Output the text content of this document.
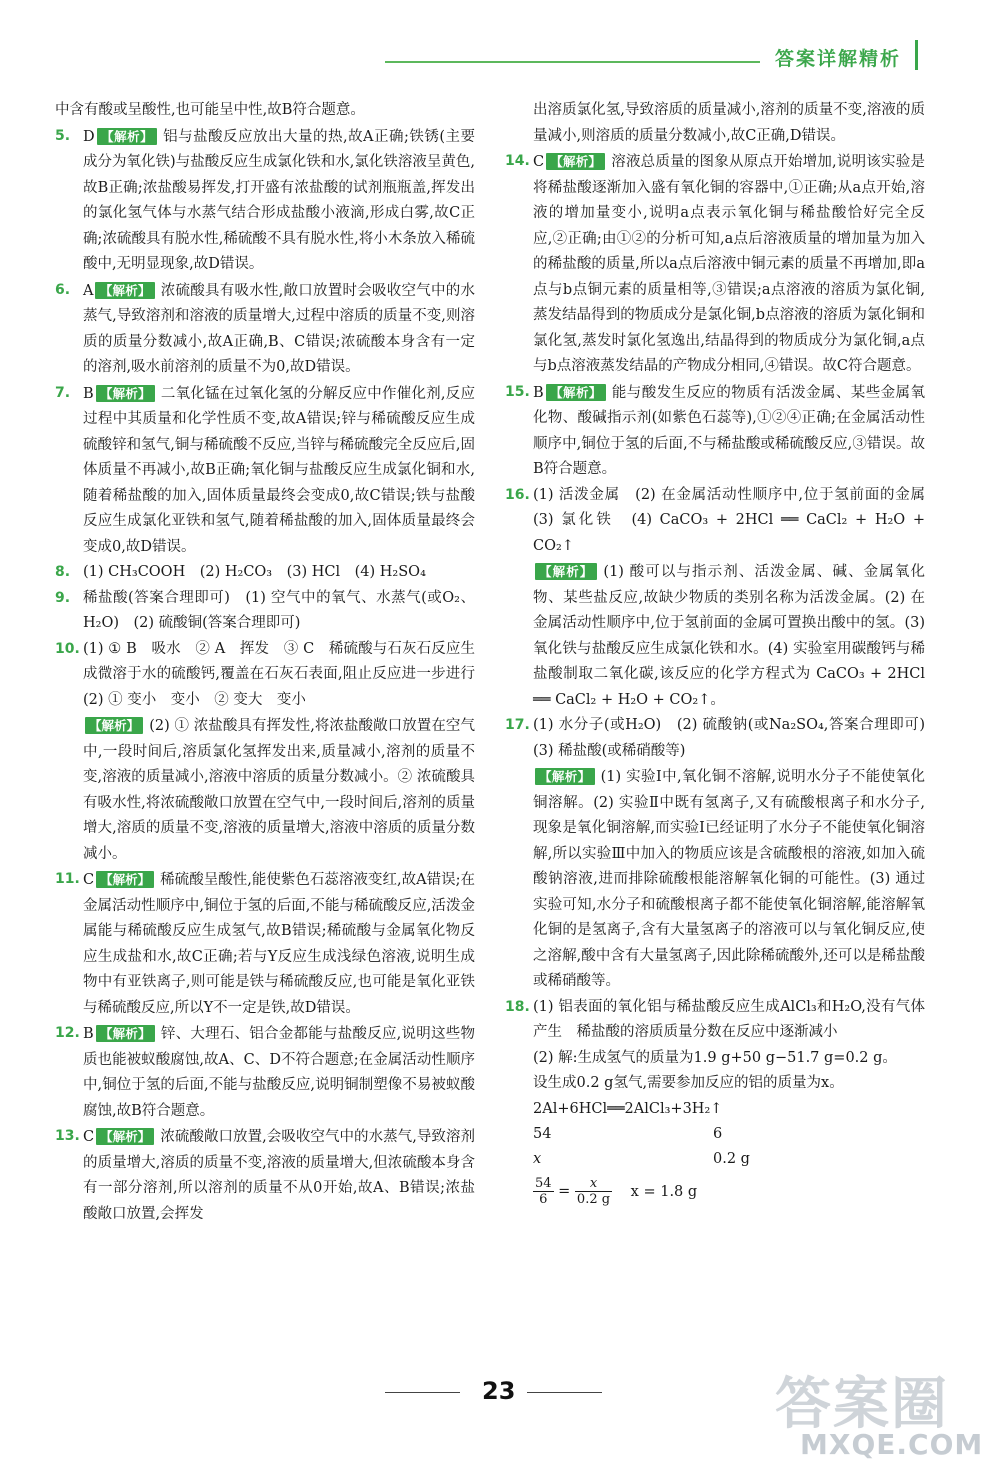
答案详解精析
中含有酸或呈酸性,也可能呈中性,故B符合题意。
5. D 【解析】 铝与盐酸反应放出大量的热,故A正确;铁锈(主要成分为氧化铁)与盐酸反应生成氯化铁和水,氯化铁溶液呈黄色,故B正确;浓盐酸易挥发,打开盛有浓盐酸的试剂瓶瓶盖,挥发出的氯化氢气体与水蒸气结合形成盐酸小液滴,形成白雾,故C正确;浓硫酸具有脱水性,稀硫酸不具有脱水性,将小木条放入稀硫酸中,无明显现象,故D错误。
6. A 【解析】 浓硫酸具有吸水性,敞口放置时会吸收空气中的水蒸气,导致溶剂和溶液的质量增大,过程中溶质的质量不变,则溶质的质量分数减小,故A正确,B、C错误;浓硫酸本身含有一定的溶剂,吸水前溶剂的质量不为0,故D错误。
7. B 【解析】 二氧化锰在过氧化氢的分解反应中作催化剂,反应过程中其质量和化学性质不变,故A错误;锌与稀硫酸反应生成硫酸锌和氢气,铜与稀硫酸不反应,当锌与稀硫酸完全反应后,固体质量不再减小,故B正确;氧化铜与盐酸反应生成氯化铜和水,随着稀盐酸的加入,固体质量最终会变成0,故C错误;铁与盐酸反应生成氯化亚铁和氢气,随着稀盐酸的加入,固体质量最终会变成0,故D错误。
8. (1) CH₃COOH　(2) H₂CO₃　(3) HCl　(4) H₂SO₄
9. 稀盐酸(答案合理即可)　(1) 空气中的氧气、水蒸气(或O₂、H₂O)　(2) 硫酸铜(答案合理即可)
10. (1) ① B　吸水　② A　挥发　③ C　稀硫酸与石灰石反应生成微溶于水的硫酸钙,覆盖在石灰石表面,阻止反应进一步进行　(2) ① 变小　变小　② 变大　变小
【解析】 (2) ① 浓盐酸具有挥发性,将浓盐酸敞口放置在空气中,一段时间后,溶质氯化氢挥发出来,质量减小,溶剂的质量不变,溶液的质量减小,溶液中溶质的质量分数减小。② 浓硫酸具有吸水性,将浓硫酸敞口放置在空气中,一段时间后,溶剂的质量增大,溶质的质量不变,溶液的质量增大,溶液中溶质的质量分数减小。
11. C 【解析】 稀硫酸呈酸性,能使紫色石蕊溶液变红,故A错误;在金属活动性顺序中,铜位于氢的后面,不能与稀硫酸反应,活泼金属能与稀硫酸反应生成氢气,故B错误;稀硫酸与金属氧化物反应生成盐和水,故C正确;若与Y反应生成浅绿色溶液,说明生成物中有亚铁离子,则可能是铁与稀硫酸反应,也可能是氧化亚铁与稀硫酸反应,所以Y不一定是铁,故D错误。
12. B 【解析】 锌、大理石、铝合金都能与盐酸反应,说明这些物质也能被蚁酸腐蚀,故A、C、D不符合题意;在金属活动性顺序中,铜位于氢的后面,不能与盐酸反应,说明铜制塑像不易被蚁酸腐蚀,故B符合题意。
13. C 【解析】 浓硫酸敞口放置,会吸收空气中的水蒸气,导致溶剂的质量增大,溶质的质量不变,溶液的质量增大,但浓硫酸本身含有一部分溶剂,所以溶剂的质量不从0开始,故A、B错误;浓盐酸敞口放置,会挥发
出溶质氯化氢,导致溶质的质量减小,溶剂的质量不变,溶液的质量减小,则溶质的质量分数减小,故C正确,D错误。
14. C 【解析】 溶液总质量的图象从原点开始增加,说明该实验是将稀盐酸逐渐加入盛有氧化铜的容器中,①正确;从a点开始,溶液的增加量变小,说明a点表示氧化铜与稀盐酸恰好完全反应,②正确;由①②的分析可知,a点后溶液质量的增加量为加入的稀盐酸的质量,所以a点后溶液中铜元素的质量不再增加,即a点与b点铜元素的质量相等,③错误;a点溶液的溶质为氯化铜,蒸发结晶得到的物质成分是氯化铜,b点溶液的溶质为氯化铜和氯化氢,蒸发时氯化氢逸出,结晶得到的物质成分为氯化铜,a点与b点溶液蒸发结晶的产物成分相同,④错误。故C符合题意。
15. B 【解析】 能与酸发生反应的物质有活泼金属、某些金属氧化物、酸碱指示剂(如紫色石蕊等),①②④正确;在金属活动性顺序中,铜位于氢的后面,不与稀盐酸或稀硫酸反应,③错误。故B符合题意。
16. (1) 活泼金属　(2) 在金属活动性顺序中,位于氢前面的金属　(3) 氯化铁　(4) CaCO₃ + 2HCl ══ CaCl₂ + H₂O + CO₂↑
【解析】 (1) 酸可以与指示剂、活泼金属、碱、金属氧化物、某些盐反应,故缺少物质的类别名称为活泼金属。(2) 在金属活动性顺序中,位于氢前面的金属可置换出酸中的氢。(3) 氧化铁与盐酸反应生成氯化铁和水。(4) 实验室用碳酸钙与稀盐酸制取二氧化碳,该反应的化学方程式为 CaCO₃ + 2HCl ══ CaCl₂ + H₂O + CO₂↑。
17. (1) 水分子(或H₂O)　(2) 硫酸钠(或Na₂SO₄,答案合理即可)　(3) 稀盐酸(或稀硝酸等)
【解析】 (1) 实验Ⅰ中,氧化铜不溶解,说明水分子不能使氧化铜溶解。(2) 实验Ⅱ中既有氢离子,又有硫酸根离子和水分子,现象是氧化铜溶解,而实验Ⅰ已经证明了水分子不能使氧化铜溶解,所以实验Ⅲ中加入的物质应该是含硫酸根的溶液,如加入硫酸钠溶液,进而排除硫酸根能溶解氧化铜的可能性。(3) 通过实验可知,水分子和硫酸根离子都不能使氧化铜溶解,能溶解氧化铜的是氢离子,含有大量氢离子的溶液可以与氧化铜反应,使之溶解,酸中含有大量氢离子,因此除稀硫酸外,还可以是稀盐酸或稀硝酸等。
18. (1) 铝表面的氧化铝与稀盐酸反应生成AlCl₃和H₂O,没有气体产生　稀盐酸的溶质质量分数在反应中逐渐减小
(2) 解:生成氢气的质量为1.9 g+50 g−51.7 g=0.2 g。
设生成0.2 g氢气,需要参加反应的铝的质量为x。
2Al+6HCl══2AlCl₃+3H₂↑
54	6
x	0.2 g
$\frac{54}{6} = \frac{x}{0.2 g}$ x = 1.8 g
23	答案圈
MXQE.COM
